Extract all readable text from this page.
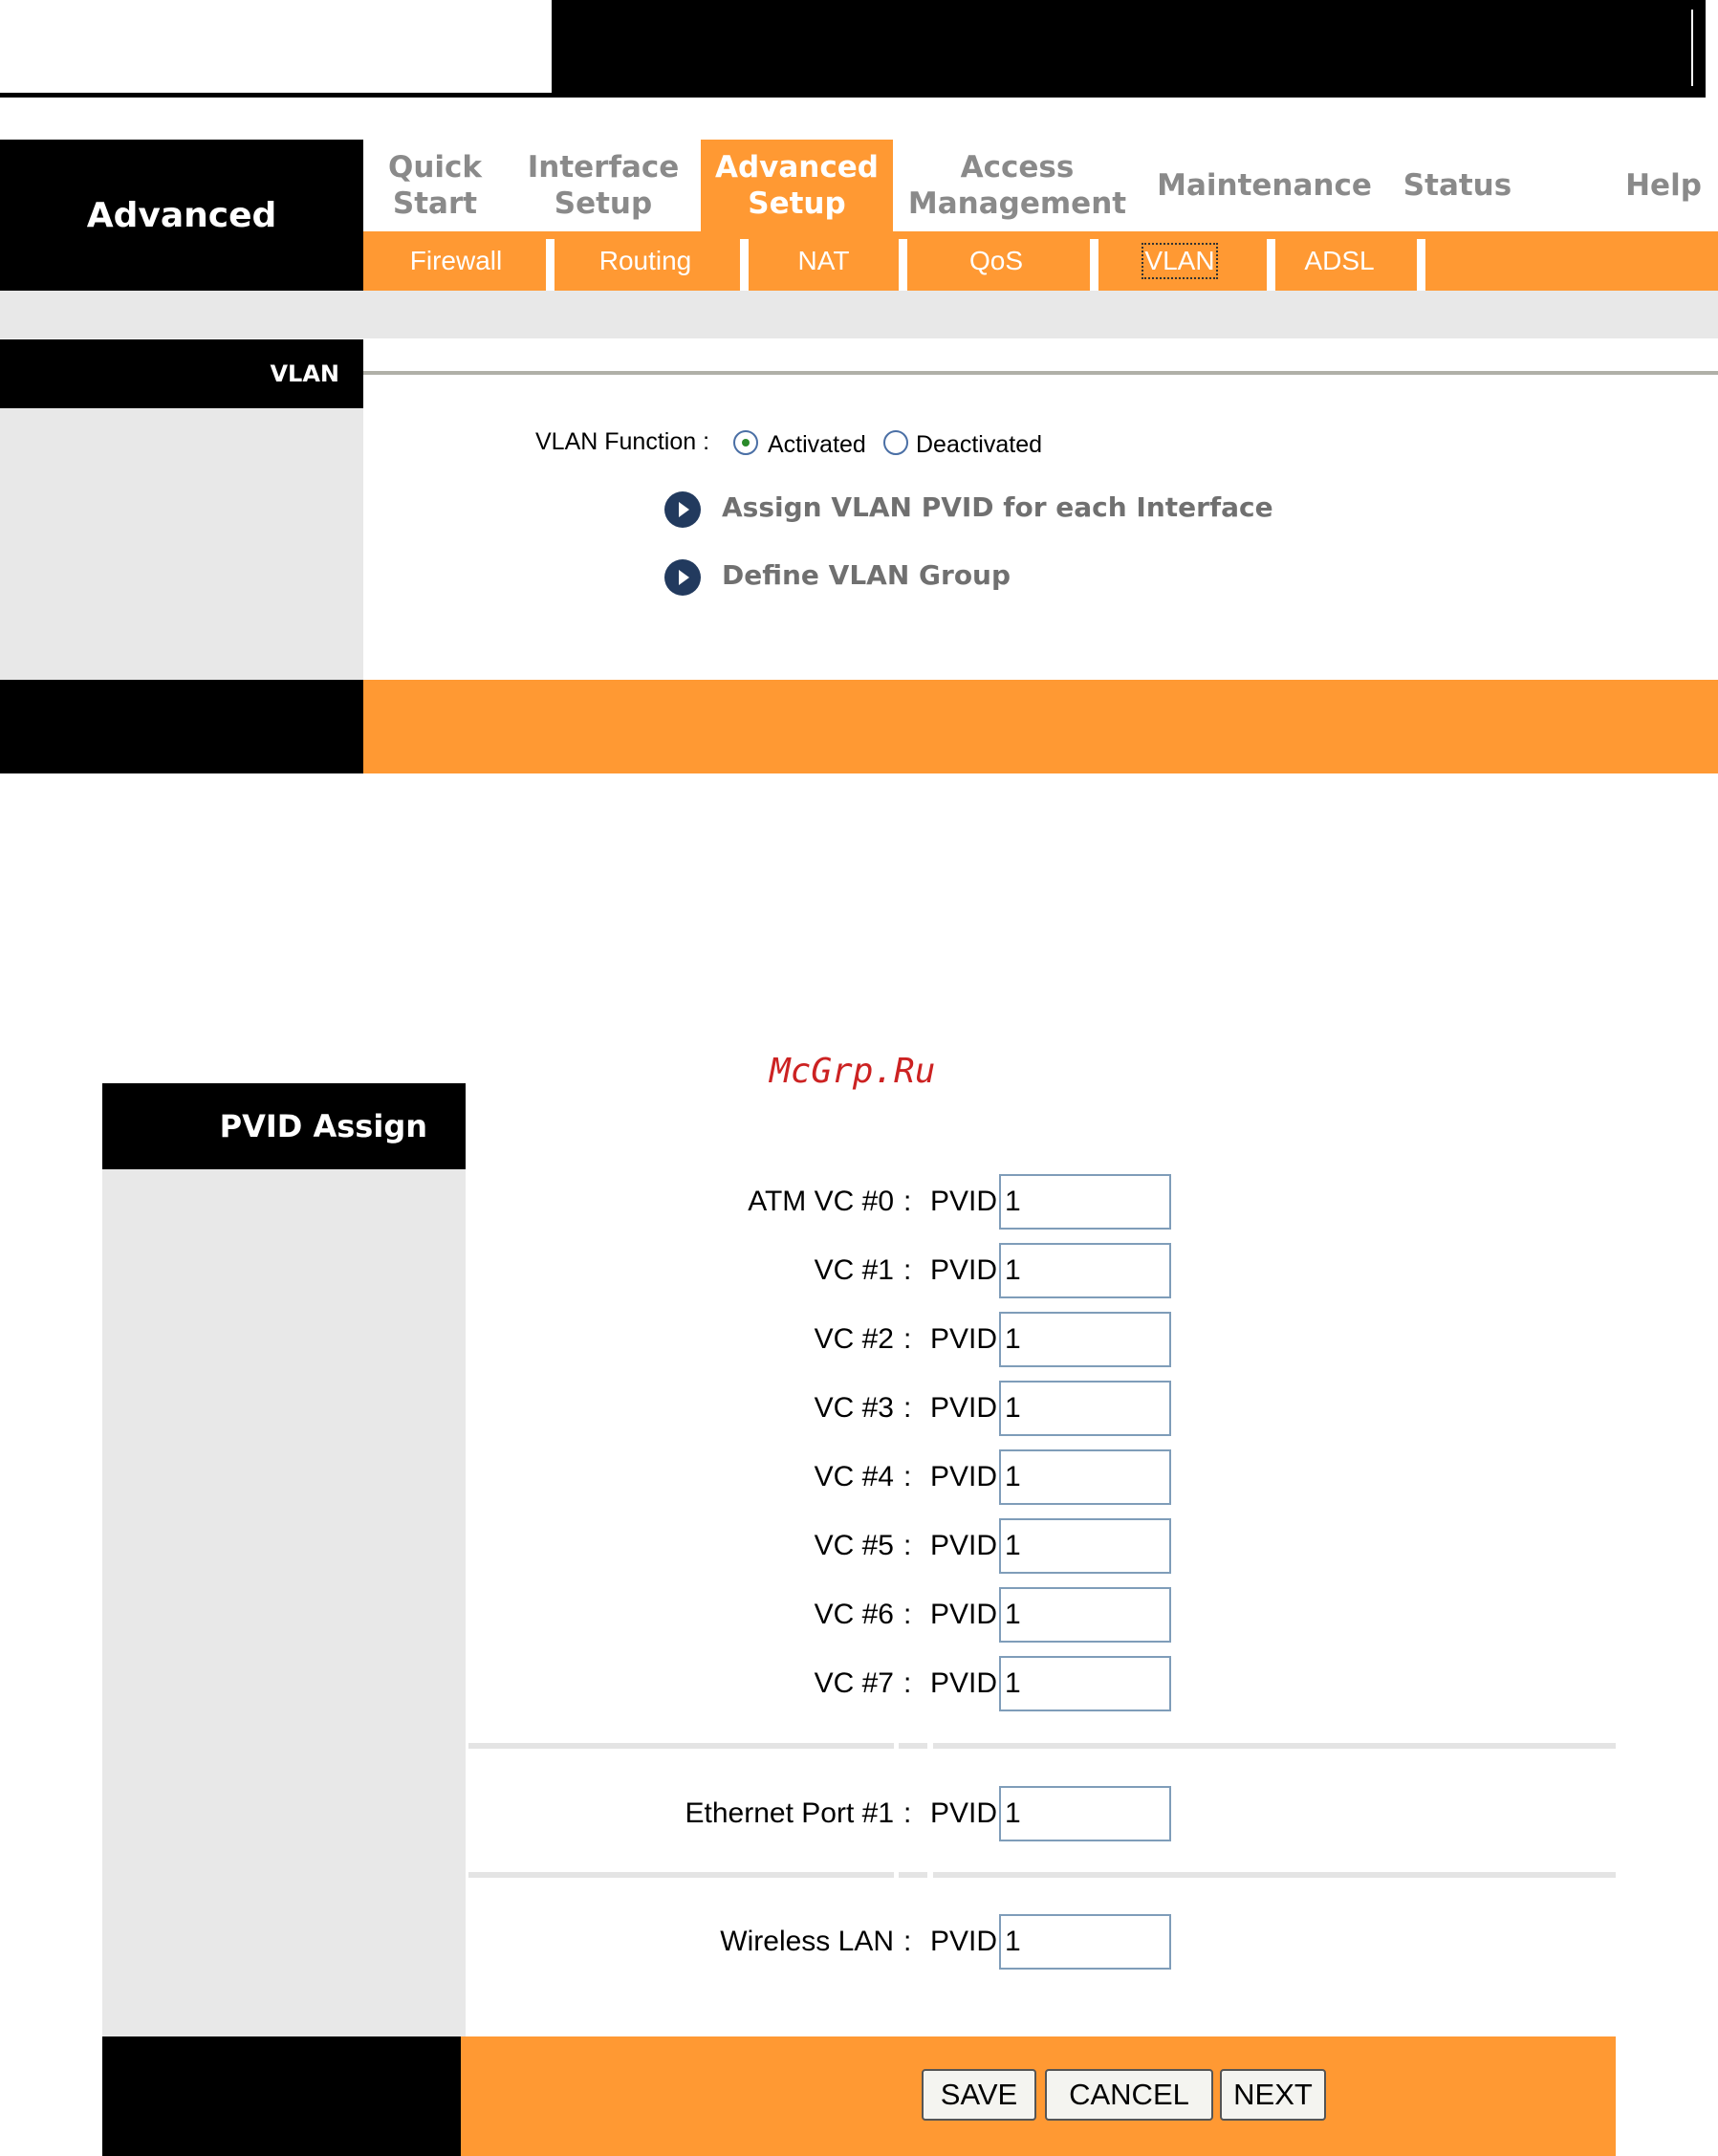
Advanced
Quick
Start
Interface
Setup
Advanced
Setup
Access
Management
Maintenance Status	Help
Firewall	Routing	NAT	QoS	VLAN	ADSL
VLAN
VLAN Function : Activated Deactivated
Assign VLAN PVID for each Interface
Define VLAN Group
McGrp.Ru
PVID Assign
ATM VC #0 : PVID
1
VC #1 : PVID
1
VC #2 : PVID
1
VC #3 : PVID
1
VC #4 : PVID
1
VC #5 : PVID
1
VC #6 : PVID
1
VC #7 : PVID
1
Ethernet Port #1 : PVID
1
Wireless LAN : PVID
1
SAVE	CANCEL	NEXT
